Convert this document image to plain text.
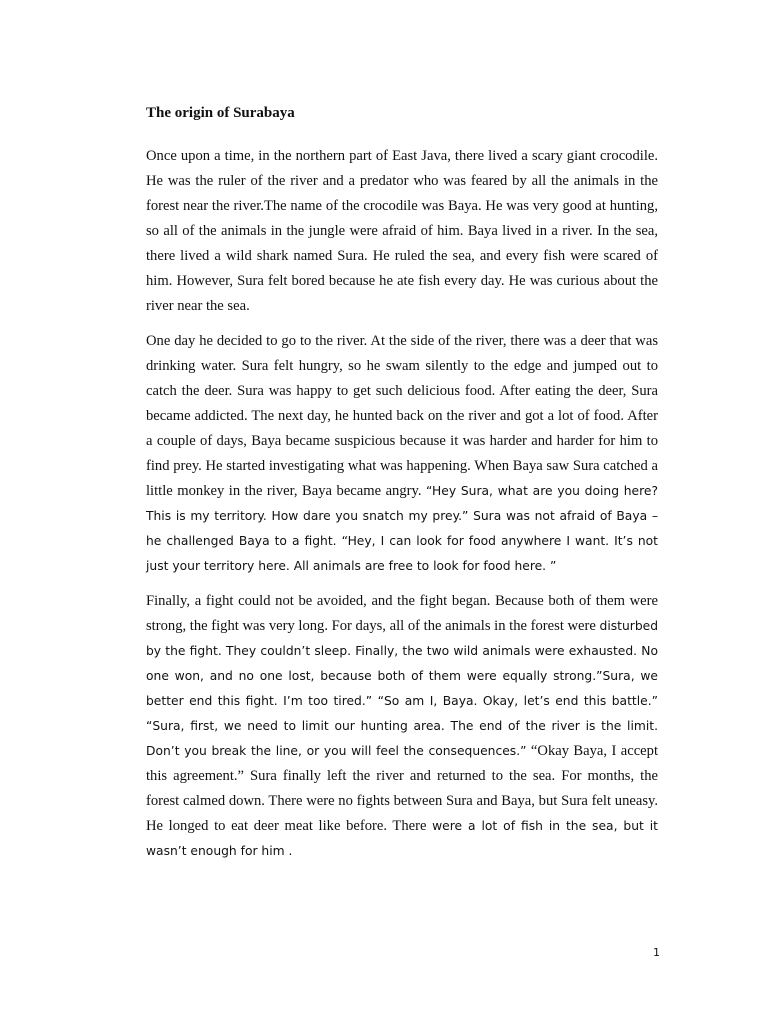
The origin of Surabaya

Once upon a time, in the northern part of East Java, there lived a scary giant crocodile. He was the ruler of the river and a predator who was feared by all the animals in the forest near the river.The name of the crocodile was Baya. He was very good at hunting, so all of the animals in the jungle were afraid of him. Baya lived in a river. In the sea, there lived a wild shark named Sura. He ruled the sea, and every fish were scared of him. However, Sura felt bored because he ate fish every day. He was curious about the river near the sea.

One day he decided to go to the river. At the side of the river, there was a deer that was drinking water. Sura felt hungry, so he swam silently to the edge and jumped out to catch the deer. Sura was happy to get such delicious food. After eating the deer, Sura became addicted. The next day, he hunted back on the river and got a lot of food. After a couple of days, Baya became suspicious because it was harder and harder for him to find prey. He started investigating what was happening. When Baya saw Sura catched a little monkey in the river, Baya became angry. “Hey Sura, what are you doing here? This is my territory. How dare you snatch my prey.” Sura was not afraid of Baya – he challenged Baya to a fight. “Hey, I can look for food anywhere I want. It’s not just your territory here. All animals are free to look for food here. ”

Finally, a fight could not be avoided, and the fight began. Because both of them were strong, the fight was very long. For days, all of the animals in the forest were disturbed by the fight. They couldn’t sleep. Finally, the two wild animals were exhausted. No one won, and no one lost, because both of them were equally strong.”Sura, we better end this fight. I’m too tired.” “So am I, Baya. Okay, let’s end this battle.” “Sura, first, we need to limit our hunting area. The end of the river is the limit. Don’t you break the line, or you will feel the consequences.” “Okay Baya, I accept this agreement.” Sura finally left the river and returned to the sea. For months, the forest calmed down. There were no fights between Sura and Baya, but Sura felt uneasy. He longed to eat deer meat like before. There were a lot of fish in the sea, but it wasn’t enough for him .

1
